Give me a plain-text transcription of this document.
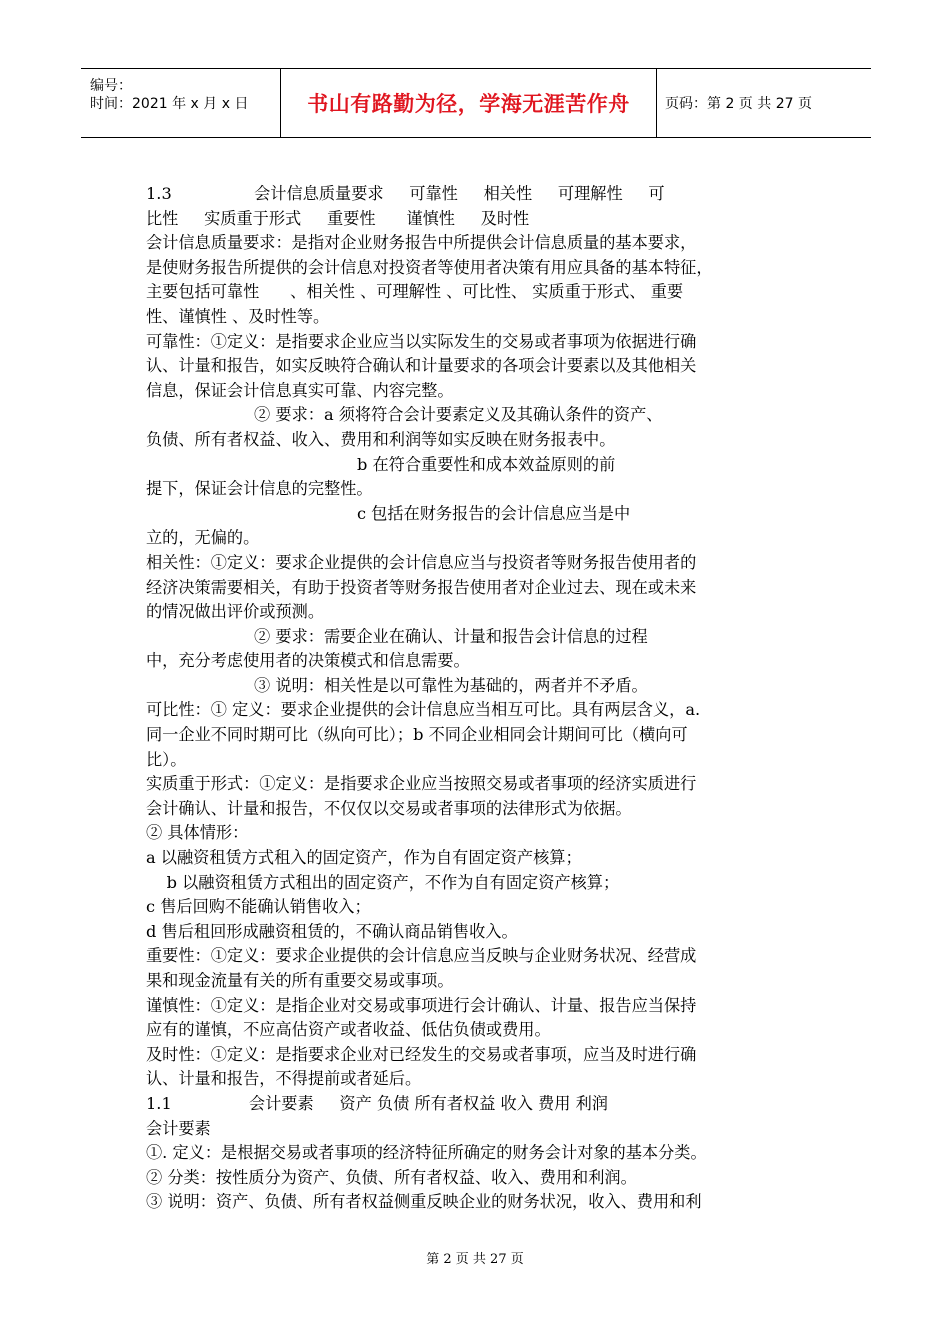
编号：
时间：2021 年 x 月 x 日	书山有路勤为径，学海无涯苦作舟	页码：第 2 页 共 27 页
1.3                会计信息质量要求     可靠性     相关性     可理解性     可
比性     实质重于形式     重要性      谨慎性     及时性
会计信息质量要求：是指对企业财务报告中所提供会计信息质量的基本要求，
是使财务报告所提供的会计信息对投资者等使用者决策有用应具备的基本特征，
主要包括可靠性      、相关性 、可理解性 、可比性、 实质重于形式、 重要
性、谨慎性 、及时性等。
可靠性：①定义：是指要求企业应当以实际发生的交易或者事项为依据进行确
认、计量和报告，如实反映符合确认和计量要求的各项会计要素以及其他相关
信息，保证会计信息真实可靠、内容完整。
② 要求：a 须将符合会计要素定义及其确认条件的资产、
负债、所有者权益、收入、费用和利润等如实反映在财务报表中。
b 在符合重要性和成本效益原则的前
提下，保证会计信息的完整性。
c 包括在财务报告的会计信息应当是中
立的，无偏的。
相关性：①定义：要求企业提供的会计信息应当与投资者等财务报告使用者的
经济决策需要相关，有助于投资者等财务报告使用者对企业过去、现在或未来
的情况做出评价或预测。
② 要求：需要企业在确认、计量和报告会计信息的过程
中，充分考虑使用者的决策模式和信息需要。
③ 说明：相关性是以可靠性为基础的，两者并不矛盾。
可比性：① 定义：要求企业提供的会计信息应当相互可比。具有两层含义，a.
同一企业不同时期可比（纵向可比）；b 不同企业相同会计期间可比（横向可
比）。
实质重于形式：①定义：是指要求企业应当按照交易或者事项的经济实质进行
会计确认、计量和报告，不仅仅以交易或者事项的法律形式为依据。
② 具体情形：
a 以融资租赁方式租入的固定资产，作为自有固定资产核算；
b 以融资租赁方式租出的固定资产，不作为自有固定资产核算；
c 售后回购不能确认销售收入；
d 售后租回形成融资租赁的，不确认商品销售收入。
重要性：①定义：要求企业提供的会计信息应当反映与企业财务状况、经营成
果和现金流量有关的所有重要交易或事项。
谨慎性：①定义：是指企业对交易或事项进行会计确认、计量、报告应当保持
应有的谨慎，不应高估资产或者收益、低估负债或费用。
及时性：①定义：是指要求企业对已经发生的交易或者事项，应当及时进行确
认、计量和报告，不得提前或者延后。
1.1               会计要素     资产 负债 所有者权益 收入 费用 利润
会计要素
①. 定义：是根据交易或者事项的经济特征所确定的财务会计对象的基本分类。
② 分类：按性质分为资产、负债、所有者权益、收入、费用和利润。
③ 说明：资产、负债、所有者权益侧重反映企业的财务状况，收入、费用和利
第 2 页 共 27 页
